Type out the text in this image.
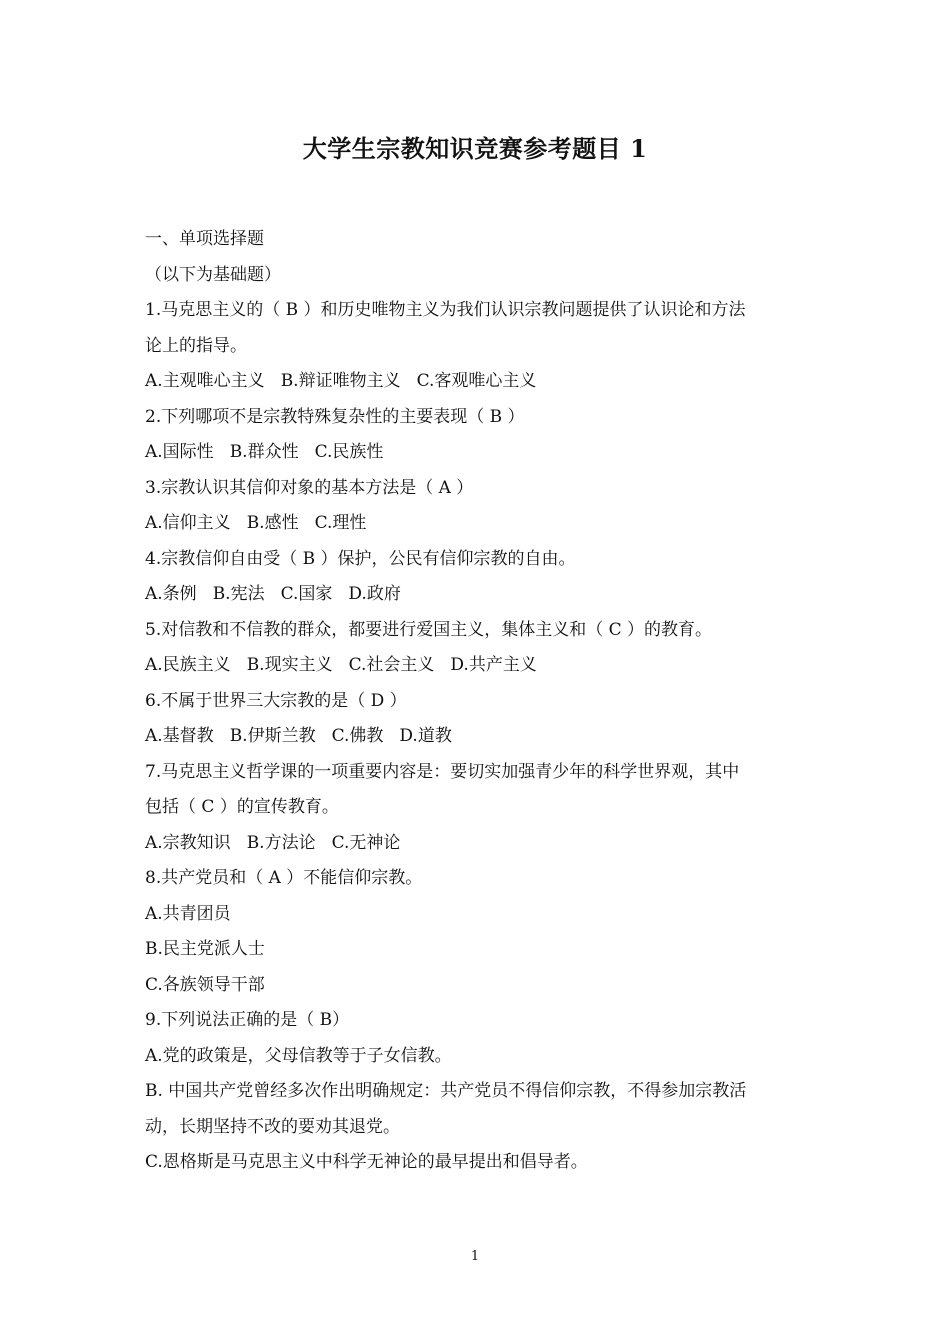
大学生宗教知识竞赛参考题目 1
一、单项选择题
（以下为基础题）
1.马克思主义的（ B ）和历史唯物主义为我们认识宗教问题提供了认识论和方法
论上的指导。
A.主观唯心主义 B.辩证唯物主义 C.客观唯心主义
2.下列哪项不是宗教特殊复杂性的主要表现（ B ）
A.国际性 B.群众性 C.民族性
3.宗教认识其信仰对象的基本方法是（ A ）
A.信仰主义 B.感性 C.理性
4.宗教信仰自由受（ B ）保护，公民有信仰宗教的自由。
A.条例 B.宪法 C.国家 D.政府
5.对信教和不信教的群众，都要进行爱国主义，集体主义和（ C ）的教育。
A.民族主义 B.现实主义 C.社会主义 D.共产主义
6.不属于世界三大宗教的是（ D ）
A.基督教 B.伊斯兰教 C.佛教 D.道教
7.马克思主义哲学课的一项重要内容是：要切实加强青少年的科学世界观，其中
包括（ C ）的宣传教育。
A.宗教知识 B.方法论 C.无神论
8.共产党员和（ A ）不能信仰宗教。
A.共青团员
B.民主党派人士
C.各族领导干部
9.下列说法正确的是（ B）
A.党的政策是，父母信教等于子女信教。
B. 中国共产党曾经多次作出明确规定：共产党员不得信仰宗教，不得参加宗教活
动，长期坚持不改的要劝其退党。
C.恩格斯是马克思主义中科学无神论的最早提出和倡导者。
1
